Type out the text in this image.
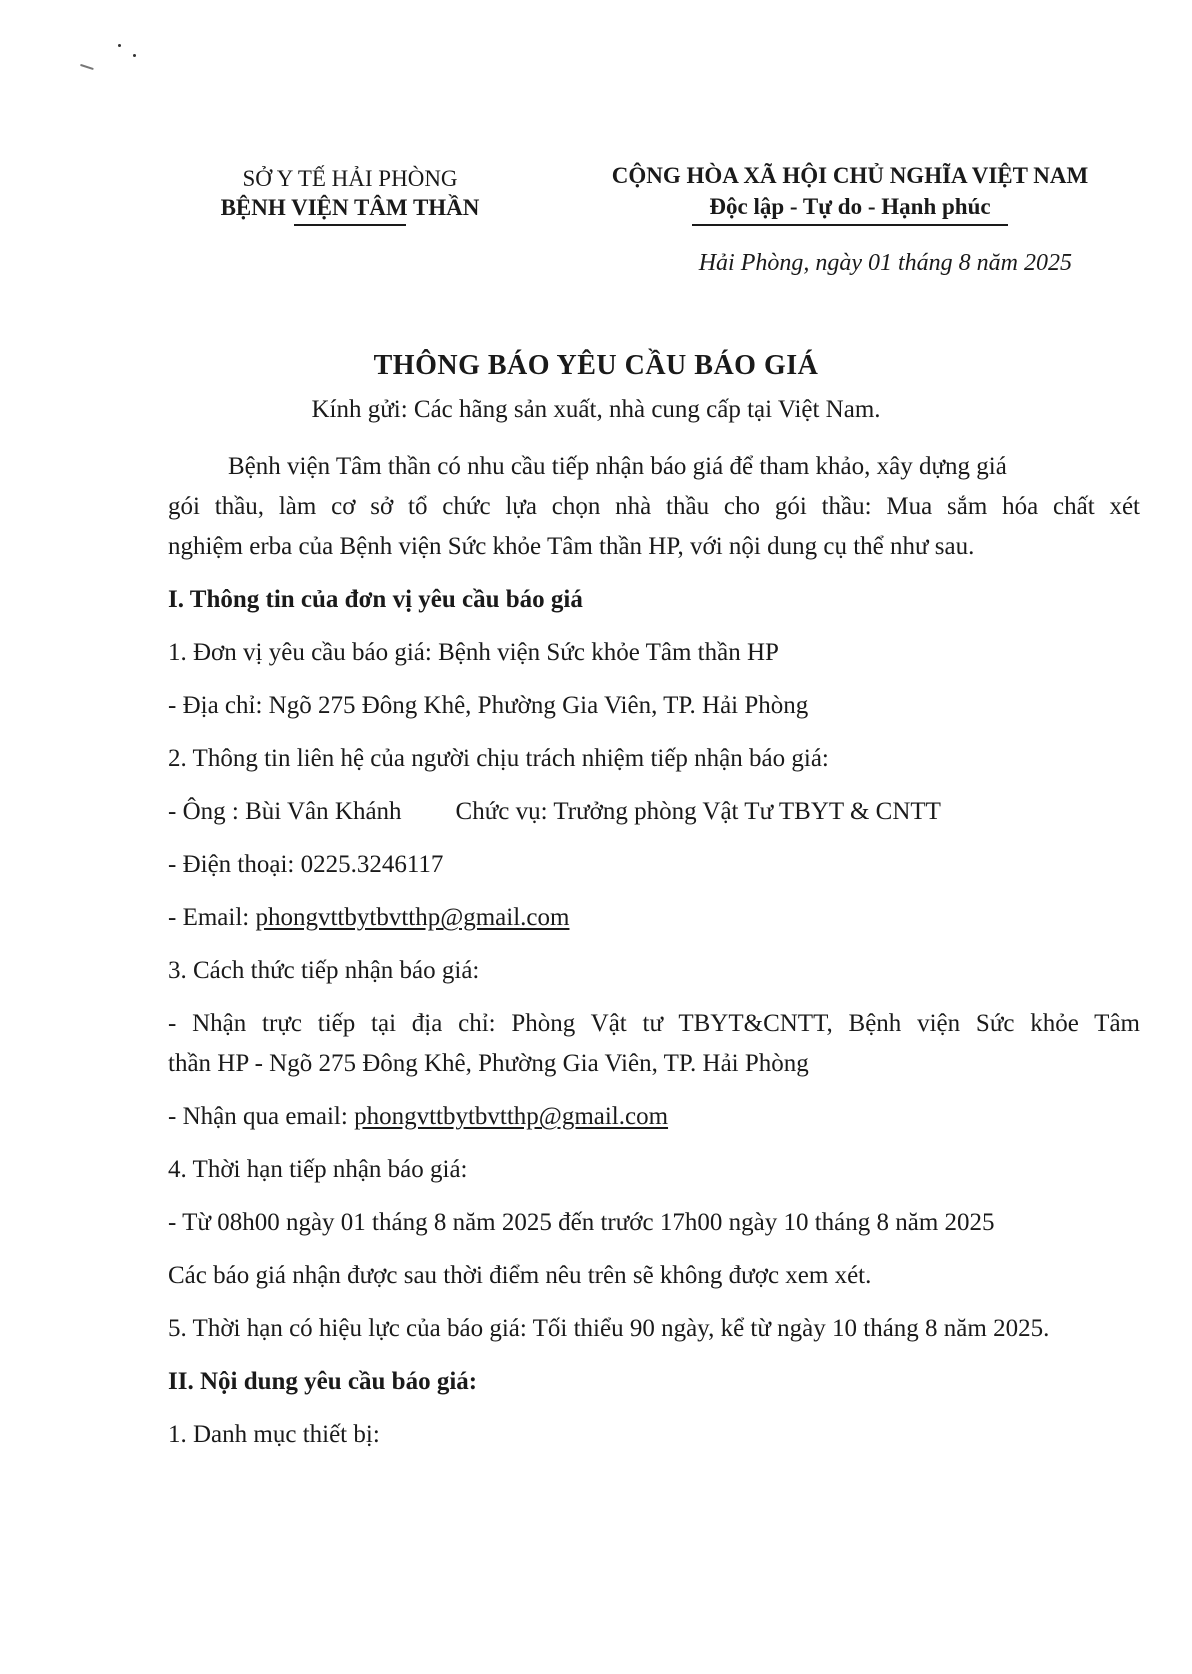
SỞ Y TẾ HẢI PHÒNG
BỆNH VIỆN TÂM THẦN
CỘNG HÒA XÃ HỘI CHỦ NGHĨA VIỆT NAM
Độc lập - Tự do - Hạnh phúc
Hải Phòng, ngày 01 tháng 8 năm 2025
THÔNG BÁO YÊU CẦU BÁO GIÁ
Kính gửi: Các hãng sản xuất, nhà cung cấp tại Việt Nam.
Bệnh viện Tâm thần có nhu cầu tiếp nhận báo giá để tham khảo, xây dựng giá
gói thầu, làm cơ sở tổ chức lựa chọn nhà thầu cho gói thầu: Mua sắm hóa chất xét
nghiệm erba của Bệnh viện Sức khỏe Tâm thần HP, với nội dung cụ thể như sau.
I. Thông tin của đơn vị yêu cầu báo giá
1. Đơn vị yêu cầu báo giá: Bệnh viện Sức khỏe Tâm thần HP
- Địa chỉ: Ngõ 275 Đông Khê, Phường Gia Viên, TP. Hải Phòng
2. Thông tin liên hệ của người chịu trách nhiệm tiếp nhận báo giá:
- Ông : Bùi Vân Khánh Chức vụ: Trưởng phòng Vật Tư TBYT & CNTT
- Điện thoại: 0225.3246117
- Email: phongvttbytbvtthp@gmail.com
3. Cách thức tiếp nhận báo giá:
- Nhận trực tiếp tại địa chỉ: Phòng Vật tư TBYT&CNTT, Bệnh viện Sức khỏe Tâm
thần HP - Ngõ 275 Đông Khê, Phường Gia Viên, TP. Hải Phòng
- Nhận qua email: phongvttbytbvtthp@gmail.com
4. Thời hạn tiếp nhận báo giá:
- Từ 08h00 ngày 01 tháng 8 năm 2025 đến trước 17h00 ngày 10 tháng 8 năm 2025
Các báo giá nhận được sau thời điểm nêu trên sẽ không được xem xét.
5. Thời hạn có hiệu lực của báo giá: Tối thiểu 90 ngày, kể từ ngày 10 tháng 8 năm 2025.
II. Nội dung yêu cầu báo giá:
1. Danh mục thiết bị:
